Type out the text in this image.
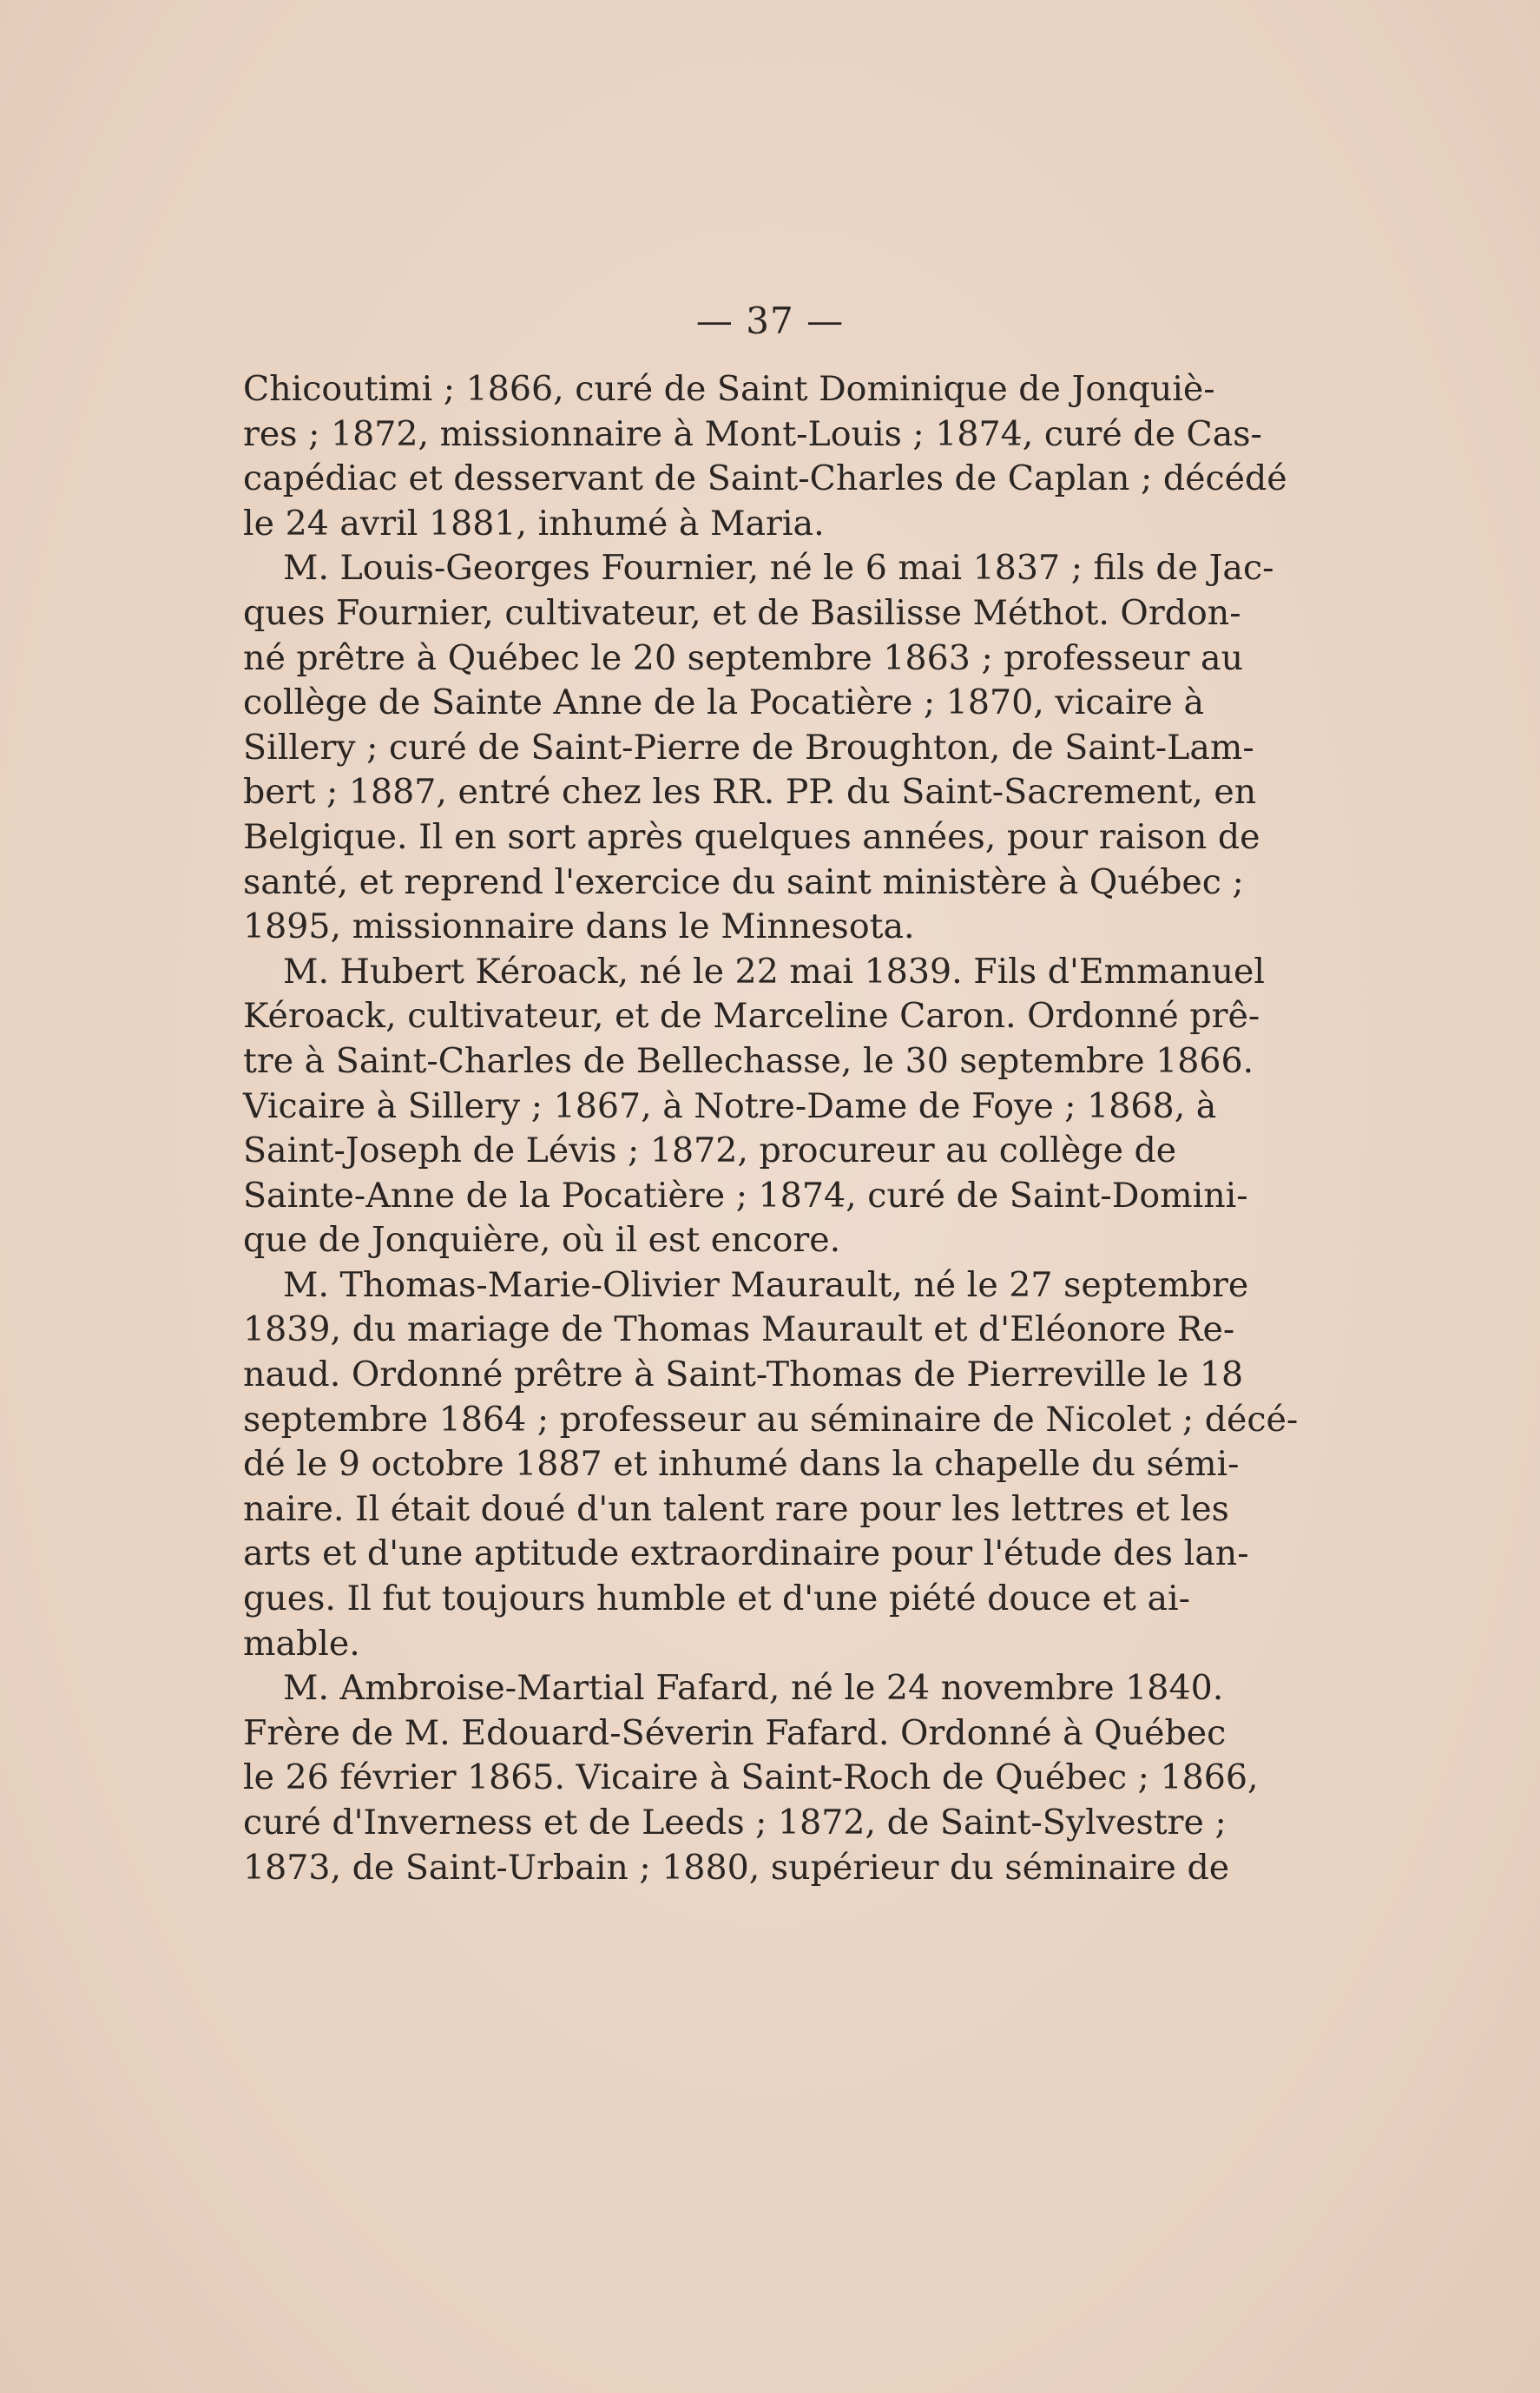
— 37 —

Chicoutimi ; 1866, curé de Saint Dominique de Jonquiè-
res ; 1872, missionnaire à Mont-Louis ; 1874, curé de Cas-
capédiac et desservant de Saint-Charles de Caplan ; décédé
le 24 avril 1881, inhumé à Maria.

M. Louis-Georges Fournier, né le 6 mai 1837 ; fils de Jac-
ques Fournier, cultivateur, et de Basilisse Méthot. Ordon-
né prêtre à Québec le 20 septembre 1863 ; professeur au
collège de Sainte Anne de la Pocatière ; 1870, vicaire à
Sillery ; curé de Saint-Pierre de Broughton, de Saint-Lam-
bert ; 1887, entré chez les RR. PP. du Saint-Sacrement, en
Belgique. Il en sort après quelques années, pour raison de
santé, et reprend l'exercice du saint ministère à Québec ;
1895, missionnaire dans le Minnesota.

M. Hubert Kéroack, né le 22 mai 1839. Fils d'Emmanuel
Kéroack, cultivateur, et de Marceline Caron. Ordonné prê-
tre à Saint-Charles de Bellechasse, le 30 septembre 1866.
Vicaire à Sillery ; 1867, à Notre-Dame de Foye ; 1868, à
Saint-Joseph de Lévis ; 1872, procureur au collège de
Sainte-Anne de la Pocatière ; 1874, curé de Saint-Domini-
que de Jonquière, où il est encore.

M. Thomas-Marie-Olivier Maurault, né le 27 septembre
1839, du mariage de Thomas Maurault et d'Eléonore Re-
naud. Ordonné prêtre à Saint-Thomas de Pierreville le 18
septembre 1864 ; professeur au séminaire de Nicolet ; décé-
dé le 9 octobre 1887 et inhumé dans la chapelle du sémi-
naire. Il était doué d'un talent rare pour les lettres et les
arts et d'une aptitude extraordinaire pour l'étude des lan-
gues. Il fut toujours humble et d'une piété douce et ai-
mable.

M. Ambroise-Martial Fafard, né le 24 novembre 1840.
Frère de M. Edouard-Séverin Fafard. Ordonné à Québec
le 26 février 1865. Vicaire à Saint-Roch de Québec ; 1866,
curé d'Inverness et de Leeds ; 1872, de Saint-Sylvestre ;
1873, de Saint-Urbain ; 1880, supérieur du séminaire de
